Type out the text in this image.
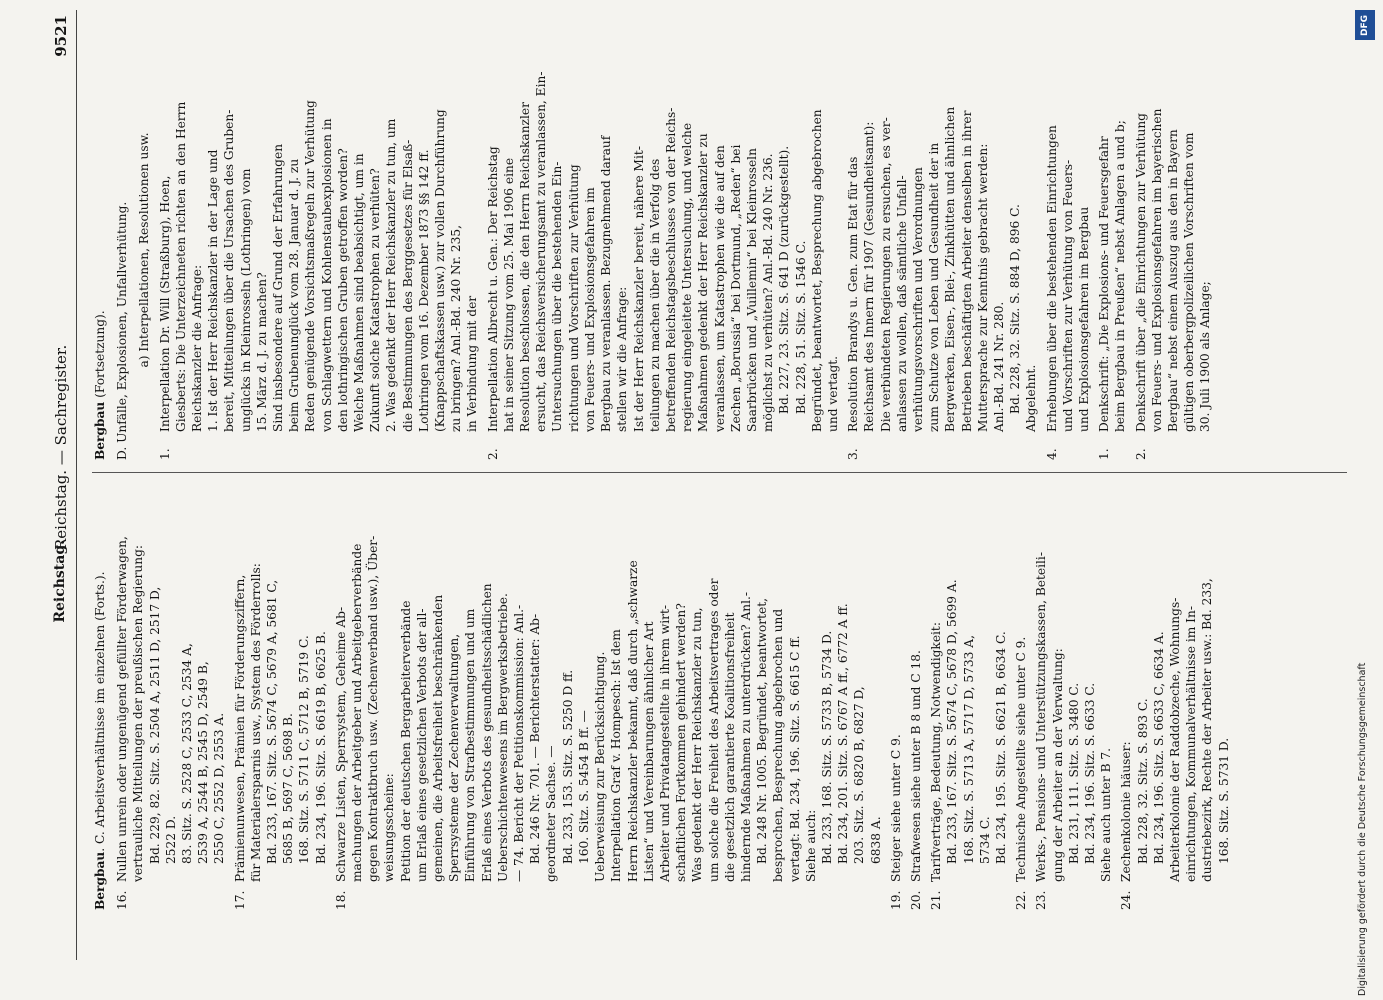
Reichstag.
Reichstag. — Sachregister.
9521
Bergbau. C. Arbeitsverhältnisse im einzelnen (Forts.).
16.
Nullen unrein oder ungenügend gefüllter Förderwagen, vertrauliche Mitteilungen der preußischen Regierung: Bd. 229, 82. Sitz. S. 2504 A, 2511 D, 2517 D, 2522 D. 83. Sitz. S. 2528 C, 2533 C, 2534 A, 2539 A, 2544 B, 2545 D, 2549 B, 2550 C, 2552 D, 2553 A.
17.
Prämienunwesen, Prämien für Förderungsziffern, für Materialersparnis usw., System des Förderrolls: Bd. 233, 167. Sitz. S. 5674 C, 5679 A, 5681 C, 5685 B, 5697 C, 5698 B. 168. Sitz. S. 5711 C, 5712 B, 5719 C. Bd. 234, 196. Sitz. S. 6619 B, 6625 B.
18.
Schwarze Listen, Sperrsystem, Geheime Ab- machungen der Arbeitgeber und Arbeitgeberverbände gegen Kontraktbruch usw. (Zechenverband usw.), Über- weisungsscheine: Petition der deutschen Bergarbeiterverbände um Erlaß eines gesetzlichen Verbots der all- gemeinen, die Arbeitsfreiheit beschränkenden Sperrsysteme der Zechenverwaltungen, Einführung von Strafbestimmungen und um Erlaß eines Verbots des gesundheitsschädlichen Ueberschichtenwesens im Bergwerksbetriebe. — 74. Bericht der Petitionskommission: Anl.- Bd. 246 Nr. 701. — Berichterstatter: Ab- geordneter Sachse. — Bd. 233, 153. Sitz. S. 5250 D ff. 160. Sitz. S. 5454 B ff. — Ueberweisung zur Berücksichtigung. Interpellation Graf v. Hompesch: Ist dem Herrn Reichskanzler bekannt, daß durch „schwarze Listen“ und Vereinbarungen ähnlicher Art Arbeiter und Privatangestellte in ihrem wirt- schaftlichen Fortkommen gehindert werden? Was gedenkt der Herr Reichskanzler zu tun, um solche die Freiheit des Arbeitsvertrages oder die gesetzlich garantierte Koalitionsfreiheit hindernde Maßnahmen zu unterdrücken? Anl.- Bd. 248 Nr. 1005. Begründet, beantwortet, besprochen, Besprechung abgebrochen und vertagt: Bd. 234, 196. Sitz. S. 6615 C ff. Siehe auch: Bd. 233, 168. Sitz. S. 5733 B, 5734 D. Bd. 234, 201. Sitz. S. 6767 A ff., 6772 A ff. 203. Sitz. S. 6820 B, 6827 D, 6838 A.
19.
Steiger siehe unter C 9.
20.
Strafwesen siehe unter B 8 und C 18.
21.
Tarifverträge, Bedeutung, Notwendigkeit: Bd. 233, 167. Sitz. S. 5674 C, 5678 D, 5699 A. 168. Sitz. S. 5713 A, 5717 D, 5733 A, 5734 C. Bd. 234, 195. Sitz. S. 6621 B, 6634 C.
22.
Technische Angestellte siehe unter C 9.
23.
Werks-, Pensions- und Unterstützungskassen, Beteili- gung der Arbeiter an der Verwaltung: Bd. 231, 111. Sitz. S. 3480 C. Bd. 234, 196. Sitz. S. 6633 C. Siehe auch unter B 7.
24.
Zechenkolonie häuser: Bd. 228, 32. Sitz. S. 893 C. Bd. 234, 196. Sitz. S. 6633 C, 6634 A. Arbeiterkolonie der Raddobzeche, Wohnungs- einrichtungen, Kommunalverhältnisse im In- dustriebezirk, Rechte der Arbeiter usw.: Bd. 233, 168. Sitz. S. 5731 D.
Bergbau (Fortsetzung). D. Unfälle, Explosionen, Unfallverhütung. a) Interpellationen, Resolutionen usw.
1.
Interpellation Dr. Will (Straßburg), Hoen, Giesberts: Die Unterzeichneten richten an den Herrn Reichskanzler die Anfrage: 1. Ist der Herr Reichskanzler in der Lage und bereit, Mitteilungen über die Ursachen des Gruben- unglücks in Kleinrosseln (Lothringen) vom 15. März d. J. zu machen? Sind insbesondere auf Grund der Erfahrungen beim Grubenunglück vom 28. Januar d. J. zu Reden genügende Vorsichtsmaßregeln zur Verhütung von Schlagwettern und Kohlenstaubexplosionen in den lothringischen Gruben getroffen worden? Welche Maßnahmen sind beabsichtigt, um in Zukunft solche Katastrophen zu verhüten? 2. Was gedenkt der Herr Reichskanzler zu tun, um die Bestimmungen des Berggesetzes für Elsaß- Lothringen vom 16. Dezember 1873 §§ 142 ff. (Knappschaftskassen usw.) zur vollen Durchführung zu bringen? Anl.-Bd. 240 Nr. 235, in Verbindung mit der
2.
Interpellation Albrecht u. Gen.: Der Reichstag hat in seiner Sitzung vom 25. Mai 1906 eine Resolution beschlossen, die den Herrn Reichskanzler ersucht, das Reichsversicherungsamt zu veranlassen, Ein- Untersuchungen über die bestehenden Ein- richtungen und Vorschriften zur Verhütung von Feuers- und Explosionsgefahren im Bergbau zu veranlassen. Bezugnehmend darauf stellen wir die Anfrage: Ist der Herr Reichskanzler bereit, nähere Mit- teilungen zu machen über die in Verfolg des betreffenden Reichstagsbeschlusses von der Reichs- regierung eingeleitete Untersuchung, und welche Maßnahmen gedenkt der Herr Reichskanzler zu veranlassen, um Katastrophen wie die auf den Zechen „Borussia“ bei Dortmund, „Reden“ bei Saarbrücken und „Vuillemin“ bei Kleinrosseln möglichst zu verhüten? Anl.-Bd. 240 Nr. 236. Bd. 227, 23. Sitz. S. 641 D (zurückgestellt). Bd. 228, 51. Sitz. S. 1546 C. Begründet, beantwortet, Besprechung abgebrochen und vertagt.
3.
Resolution Brandys u. Gen. zum Etat für das Reichsamt des Innern für 1907 (Gesundheitsamt): Die verbündeten Regierungen zu ersuchen, es ver- anlassen zu wollen, daß sämtliche Unfall- verhütungsvorschriften und Verordnungen zum Schutze von Leben und Gesundheit der in Bergwerken, Eisen-, Blei-, Zinkhütten und ähnlichen Betrieben beschäftigten Arbeiter denselben in ihrer Muttersprache zur Kenntnis gebracht werden: Anl.-Bd. 241 Nr. 280. Bd. 228, 32. Sitz. S. 884 D, 896 C. Abgelehnt.
4.
Erhebungen über die bestehenden Einrichtungen und Vorschriften zur Verhütung von Feuers- und Explosionsgefahren im Bergbau
1.
Denkschrift: „Die Explosions- und Feuersgefahr beim Bergbau in Preußen“ nebst Anlagen a und b;
2.
Denkschrift über „die Einrichtungen zur Verhütung von Feuers- und Explosionsgefahren im bayerischen Bergbau“ nebst einem Auszug aus den in Bayern gültigen oberbergpolizeilichen Vorschriften vom 30. Juli 1900 als Anlage;
DFG
Digitalisierung gefördert durch die Deutsche Forschungsgemeinschaft
